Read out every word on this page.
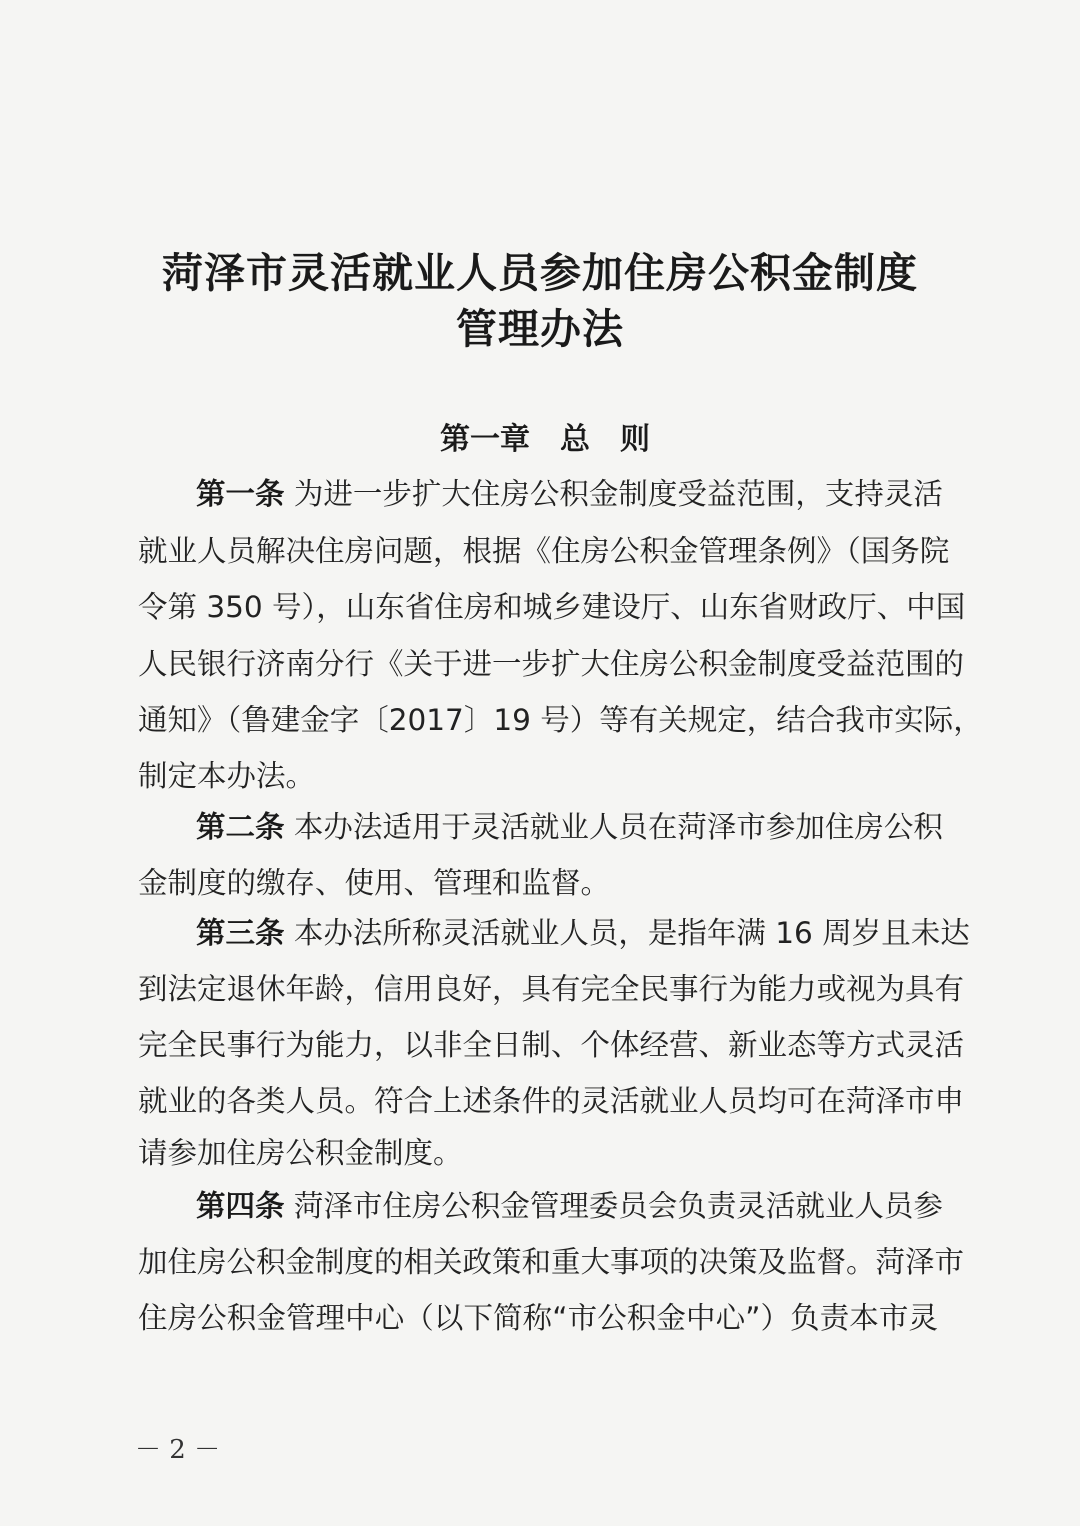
菏泽市灵活就业人员参加住房公积金制度
管理办法
第一章　总　则
第一条 为进一步扩大住房公积金制度受益范围，支持灵活
就业人员解决住房问题，根据《住房公积金管理条例》（国务院
令第 350 号），山东省住房和城乡建设厅、山东省财政厅、中国
人民银行济南分行《关于进一步扩大住房公积金制度受益范围的
通知》（鲁建金字〔2017〕19 号）等有关规定，结合我市实际，
制定本办法。
第二条 本办法适用于灵活就业人员在菏泽市参加住房公积
金制度的缴存、使用、管理和监督。
第三条 本办法所称灵活就业人员，是指年满 16 周岁且未达
到法定退休年龄，信用良好，具有完全民事行为能力或视为具有
完全民事行为能力，以非全日制、个体经营、新业态等方式灵活
就业的各类人员。符合上述条件的灵活就业人员均可在菏泽市申
请参加住房公积金制度。
第四条 菏泽市住房公积金管理委员会负责灵活就业人员参
加住房公积金制度的相关政策和重大事项的决策及监督。菏泽市
住房公积金管理中心（以下简称“市公积金中心”）负责本市灵
－ 2 －
